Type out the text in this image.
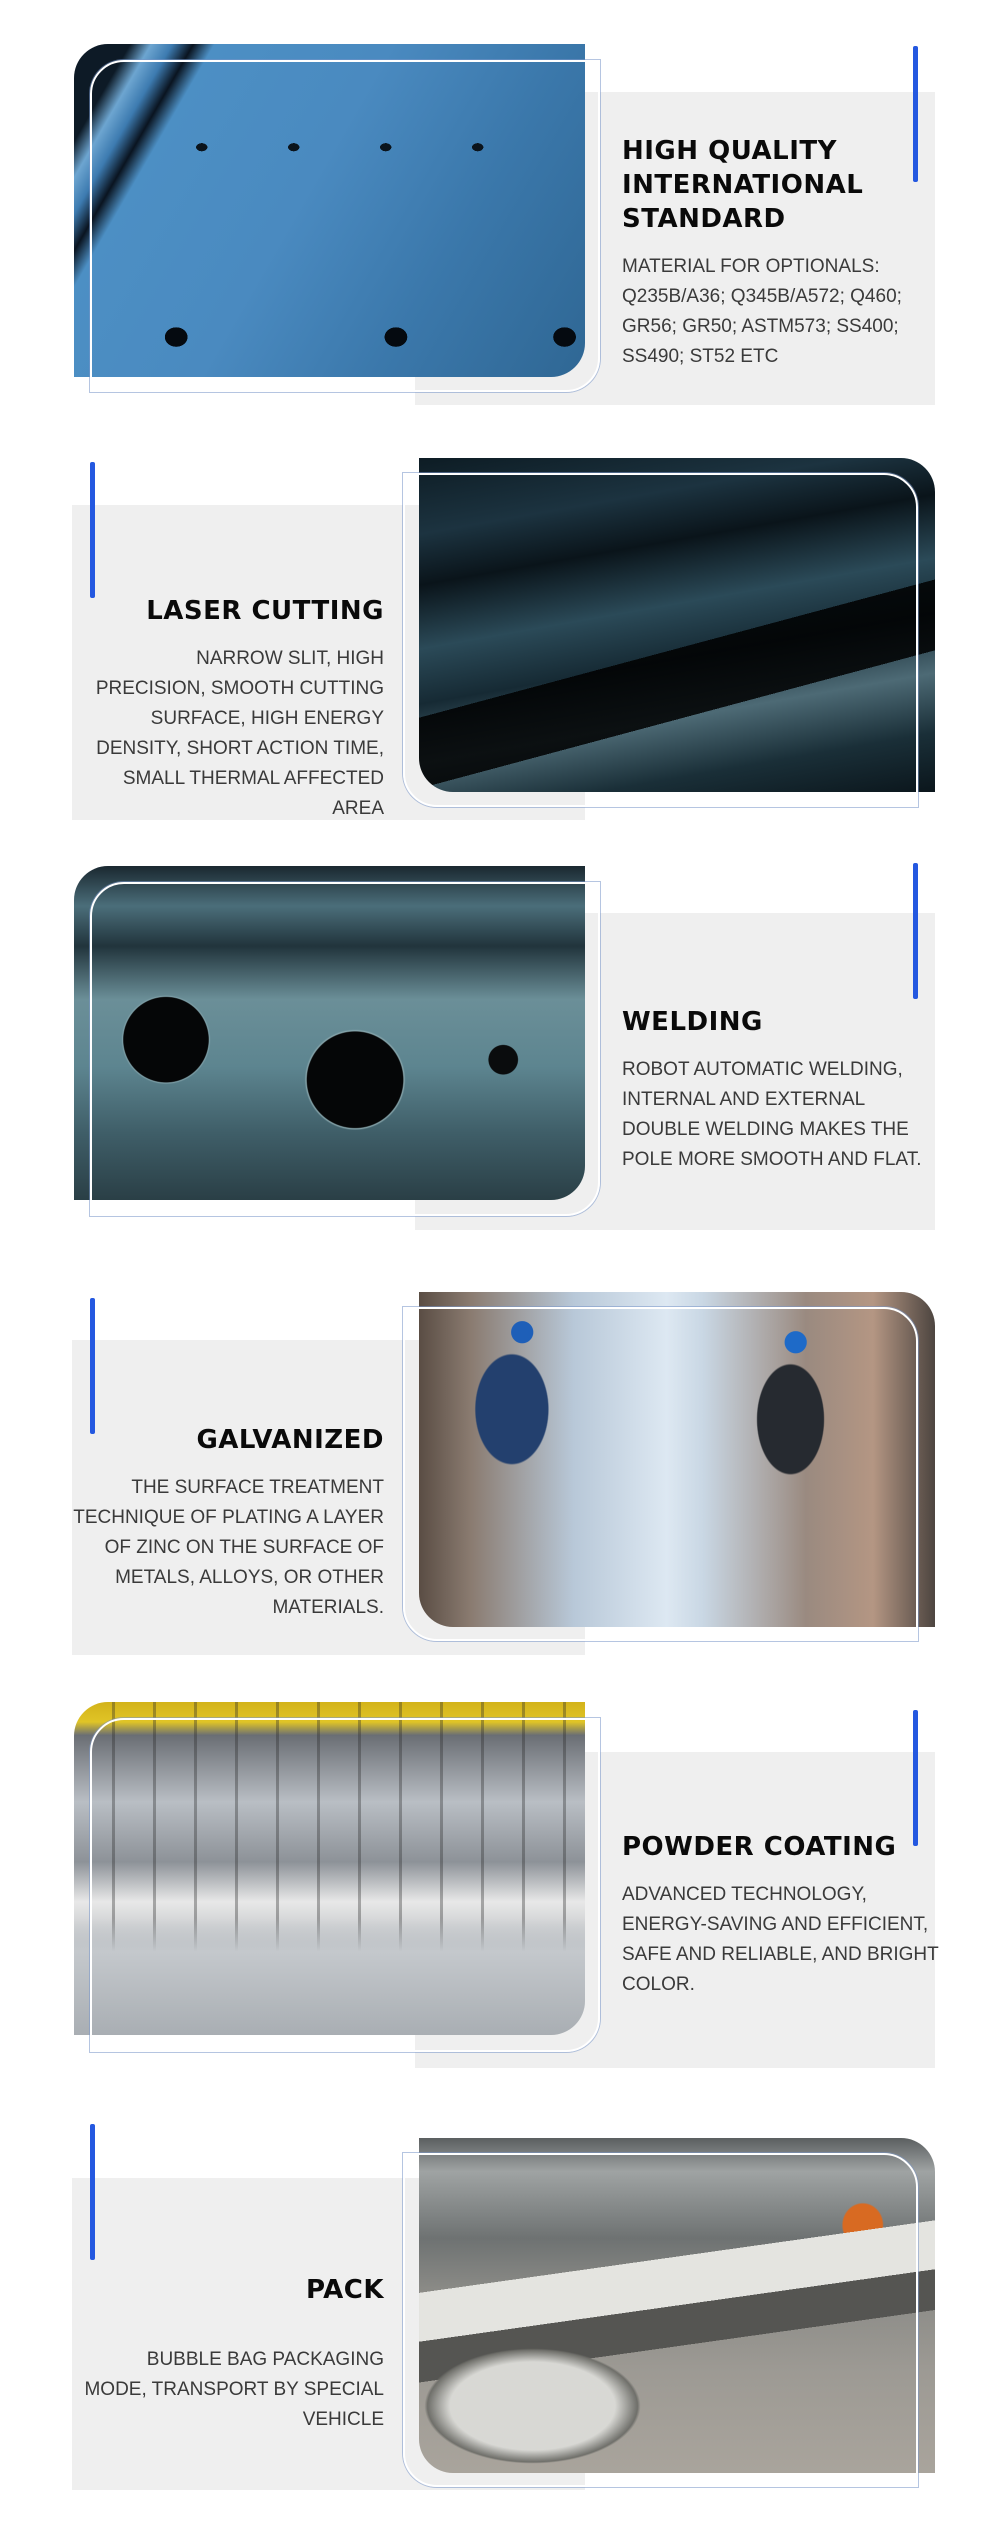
HIGH QUALITY INTERNATIONAL STANDARD

MATERIAL FOR OPTIONALS: Q235B/A36; Q345B/A572; Q460; GR56; GR50; ASTM573; SS400; SS490; ST52 ETC

LASER CUTTING

NARROW SLIT, HIGH PRECISION, SMOOTH CUTTING SURFACE, HIGH ENERGY DENSITY, SHORT ACTION TIME, SMALL THERMAL AFFECTED AREA

WELDING

ROBOT AUTOMATIC WELDING, INTERNAL AND EXTERNAL DOUBLE WELDING MAKES THE POLE MORE SMOOTH AND FLAT.

GALVANIZED

THE SURFACE TREATMENT TECHNIQUE OF PLATING A LAYER OF ZINC ON THE SURFACE OF METALS, ALLOYS, OR OTHER MATERIALS.

POWDER COATING

ADVANCED TECHNOLOGY, ENERGY-SAVING AND EFFICIENT, SAFE AND RELIABLE, AND BRIGHT COLOR.

PACK

BUBBLE BAG PACKAGING MODE, TRANSPORT BY SPECIAL VEHICLE
